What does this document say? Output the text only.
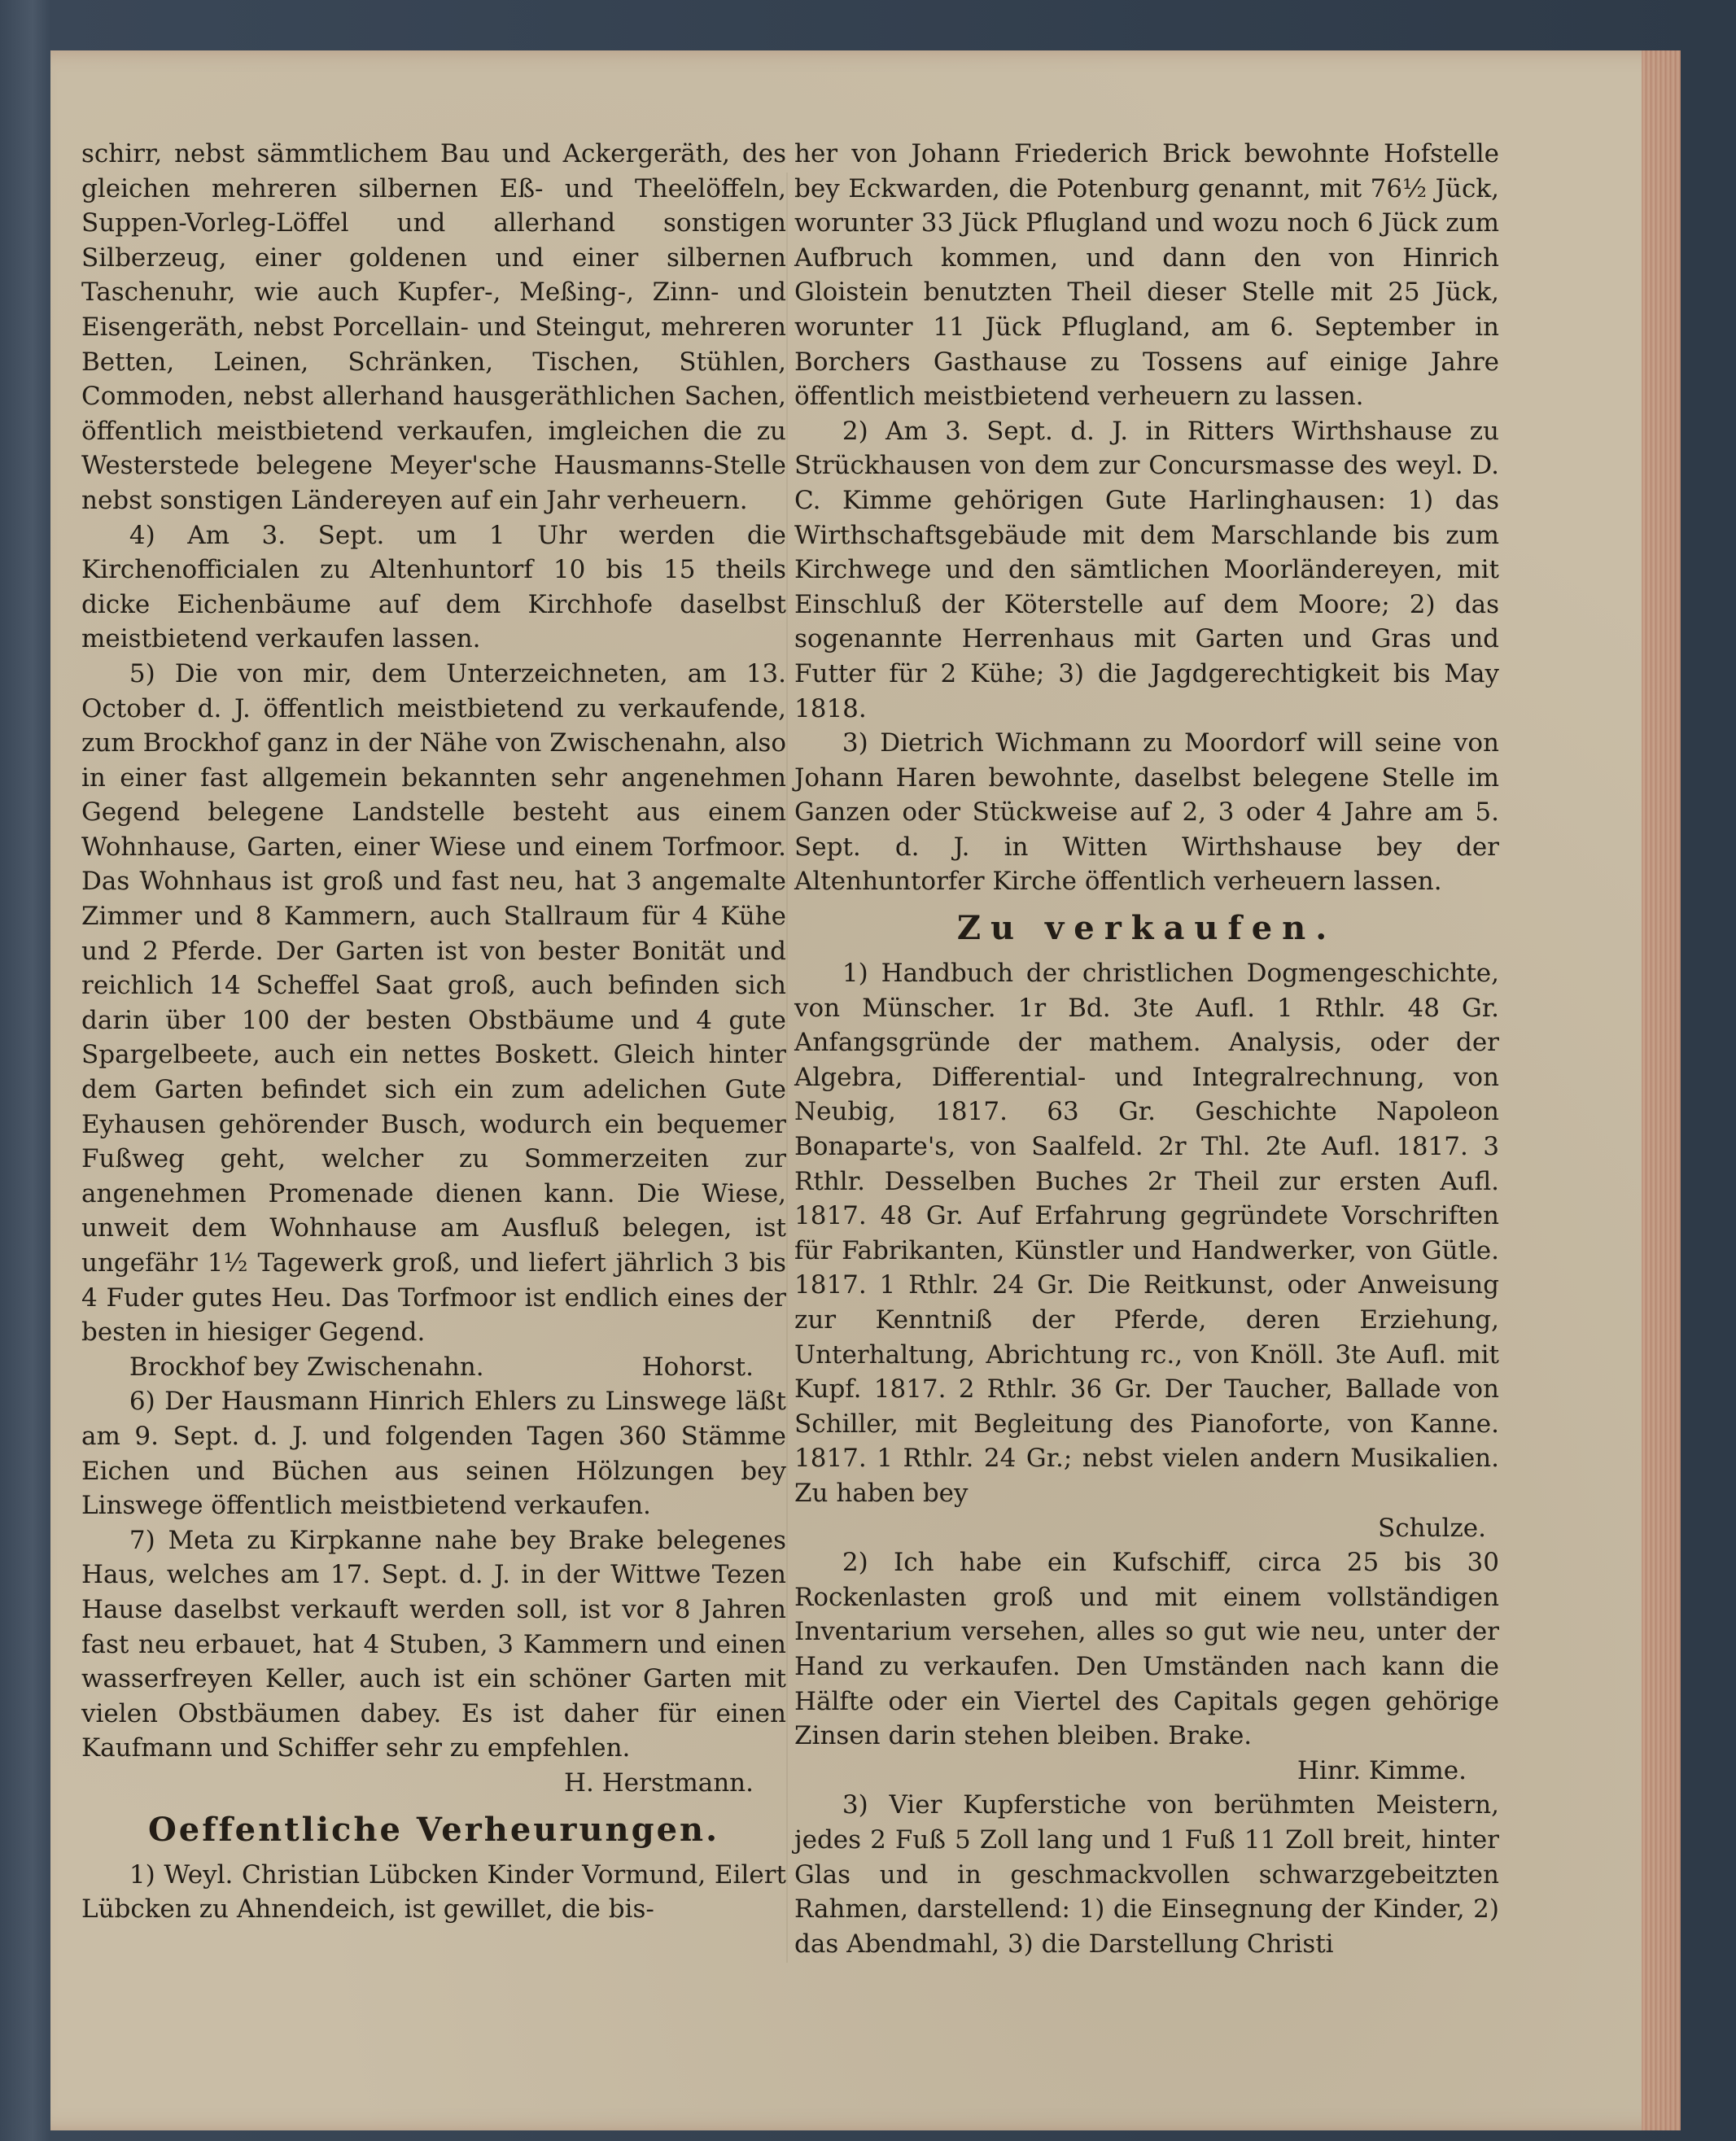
schirr, nebst sämmtlichem Bau und Ackergeräth, des gleichen mehreren silbernen Eß- und Theelöffeln, Suppen-Vorleg-Löffel und allerhand sonstigen Silberzeug, einer goldenen und einer silbernen Taschenuhr, wie auch Kupfer-, Meßing-, Zinn- und Eisengeräth, nebst Porcellain- und Steingut, mehreren Betten, Leinen, Schränken, Tischen, Stühlen, Commoden, nebst allerhand hausgeräthlichen Sachen, öffentlich meistbietend verkaufen, imgleichen die zu Westerstede belegene Meyer'sche Hausmanns-Stelle nebst sonstigen Ländereyen auf ein Jahr verheuern.

4) Am 3. Sept. um 1 Uhr werden die Kirchenofficialen zu Altenhuntorf 10 bis 15 theils dicke Eichenbäume auf dem Kirchhofe daselbst meistbietend verkaufen lassen.

5) Die von mir, dem Unterzeichneten, am 13. October d. J. öffentlich meistbietend zu verkaufende, zum Brockhof ganz in der Nähe von Zwischenahn, also in einer fast allgemein bekannten sehr angenehmen Gegend belegene Landstelle besteht aus einem Wohnhause, Garten, einer Wiese und einem Torfmoor. Das Wohnhaus ist groß und fast neu, hat 3 angemalte Zimmer und 8 Kammern, auch Stallraum für 4 Kühe und 2 Pferde. Der Garten ist von bester Bonität und reichlich 14 Scheffel Saat groß, auch befinden sich darin über 100 der besten Obstbäume und 4 gute Spargelbeete, auch ein nettes Boskett. Gleich hinter dem Garten befindet sich ein zum adelichen Gute Eyhausen gehörender Busch, wodurch ein bequemer Fußweg geht, welcher zu Sommerzeiten zur angenehmen Promenade dienen kann. Die Wiese, unweit dem Wohnhause am Ausfluß belegen, ist ungefähr 1½ Tagewerk groß, und liefert jährlich 3 bis 4 Fuder gutes Heu. Das Torfmoor ist endlich eines der besten in hiesiger Gegend.

Brockhof bey Zwischenahn.	Hohorst.

6) Der Hausmann Hinrich Ehlers zu Linswege läßt am 9. Sept. d. J. und folgenden Tagen 360 Stämme Eichen und Büchen aus seinen Hölzungen bey Linswege öffentlich meistbietend verkaufen.

7) Meta zu Kirpkanne nahe bey Brake belegenes Haus, welches am 17. Sept. d. J. in der Wittwe Tezen Hause daselbst verkauft werden soll, ist vor 8 Jahren fast neu erbauet, hat 4 Stuben, 3 Kammern und einen wasserfreyen Keller, auch ist ein schöner Garten mit vielen Obstbäumen dabey. Es ist daher für einen Kaufmann und Schiffer sehr zu empfehlen.

H. Herstmann.

Oeffentliche Verheurungen.

1) Weyl. Christian Lübcken Kinder Vormund, Eilert Lübcken zu Ahnendeich, ist gewillet, die bis-

her von Johann Friederich Brick bewohnte Hofstelle bey Eckwarden, die Potenburg genannt, mit 76½ Jück, worunter 33 Jück Pflugland und wozu noch 6 Jück zum Aufbruch kommen, und dann den von Hinrich Gloistein benutzten Theil dieser Stelle mit 25 Jück, worunter 11 Jück Pflugland, am 6. September in Borchers Gasthause zu Tossens auf einige Jahre öffentlich meistbietend verheuern zu lassen.

2) Am 3. Sept. d. J. in Ritters Wirthshause zu Strückhausen von dem zur Concursmasse des weyl. D. C. Kimme gehörigen Gute Harlinghausen: 1) das Wirthschaftsgebäude mit dem Marschlande bis zum Kirchwege und den sämtlichen Moorländereyen, mit Einschluß der Köterstelle auf dem Moore; 2) das sogenannte Herrenhaus mit Garten und Gras und Futter für 2 Kühe; 3) die Jagdgerechtigkeit bis May 1818.

3) Dietrich Wichmann zu Moordorf will seine von Johann Haren bewohnte, daselbst belegene Stelle im Ganzen oder Stückweise auf 2, 3 oder 4 Jahre am 5. Sept. d. J. in Witten Wirthshause bey der Altenhuntorfer Kirche öffentlich verheuern lassen.

Zu verkaufen.

1) Handbuch der christlichen Dogmengeschichte, von Münscher. 1r Bd. 3te Aufl. 1 Rthlr. 48 Gr. Anfangsgründe der mathem. Analysis, oder der Algebra, Differential- und Integralrechnung, von Neubig, 1817. 63 Gr. Geschichte Napoleon Bonaparte's, von Saalfeld. 2r Thl. 2te Aufl. 1817. 3 Rthlr. Desselben Buches 2r Theil zur ersten Aufl. 1817. 48 Gr. Auf Erfahrung gegründete Vorschriften für Fabrikanten, Künstler und Handwerker, von Gütle. 1817. 1 Rthlr. 24 Gr. Die Reitkunst, oder Anweisung zur Kenntniß der Pferde, deren Erziehung, Unterhaltung, Abrichtung rc., von Knöll. 3te Aufl. mit Kupf. 1817. 2 Rthlr. 36 Gr. Der Taucher, Ballade von Schiller, mit Begleitung des Pianoforte, von Kanne. 1817. 1 Rthlr. 24 Gr.; nebst vielen andern Musikalien. Zu haben bey

Schulze.

2) Ich habe ein Kufschiff, circa 25 bis 30 Rockenlasten groß und mit einem vollständigen Inventarium versehen, alles so gut wie neu, unter der Hand zu verkaufen. Den Umständen nach kann die Hälfte oder ein Viertel des Capitals gegen gehörige Zinsen darin stehen bleiben. Brake.

Hinr. Kimme.

3) Vier Kupferstiche von berühmten Meistern, jedes 2 Fuß 5 Zoll lang und 1 Fuß 11 Zoll breit, hinter Glas und in geschmackvollen schwarzgebeitzten Rahmen, darstellend: 1) die Einsegnung der Kinder, 2) das Abendmahl, 3) die Darstellung Christi
